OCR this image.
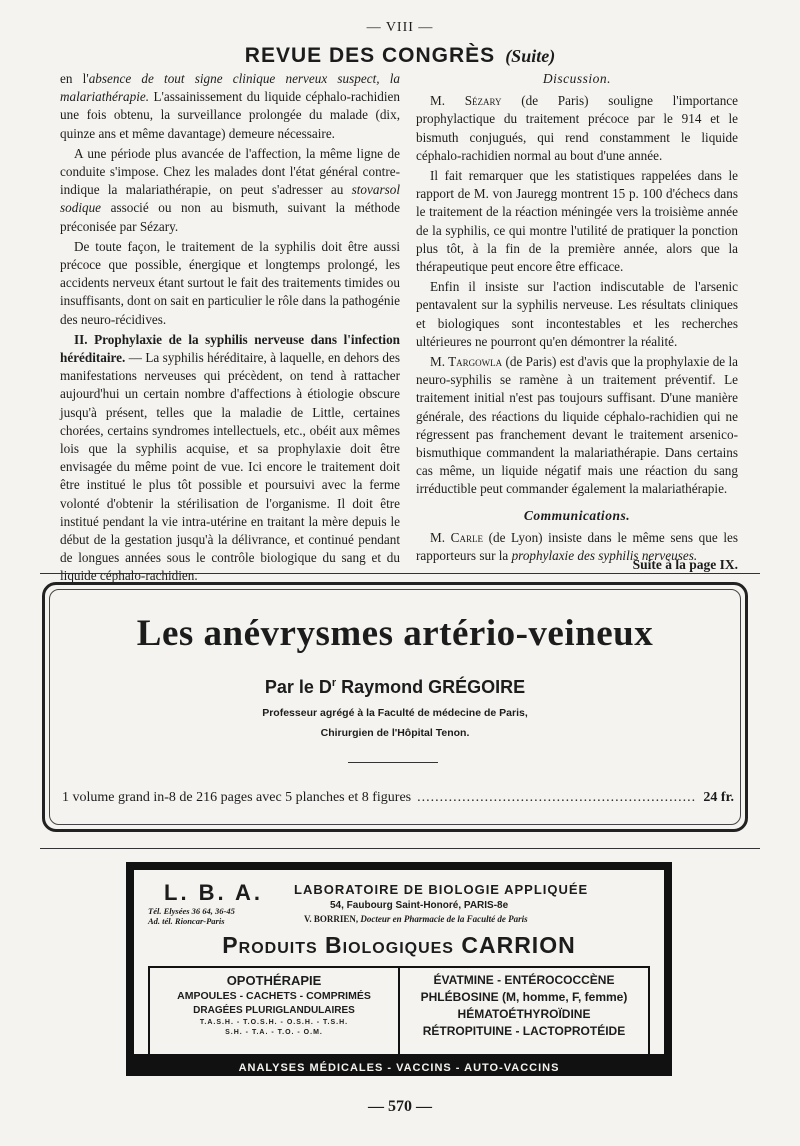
— VIII —
REVUE DES CONGRÈS (Suite)

en l'absence de tout signe clinique nerveux suspect, la malariathérapie. L'assainissement du liquide céphalo-rachidien une fois obtenu, la surveillance prolongée du malade (dix, quinze ans et même davantage) demeure nécessaire.

A une période plus avancée de l'affection, la même ligne de conduite s'impose. Chez les malades dont l'état général contre-indique la malariathérapie, on peut s'adresser au stovarsol sodique associé ou non au bismuth, suivant la méthode préconisée par Sézary.

De toute façon, le traitement de la syphilis doit être aussi précoce que possible, énergique et longtemps prolongé, les accidents nerveux étant surtout le fait des traitements timides ou insuffisants, dont on sait en particulier le rôle dans la pathogénie des neuro-récidives.

II. Prophylaxie de la syphilis nerveuse dans l'infection héréditaire. — La syphilis héréditaire, à laquelle, en dehors des manifestations nerveuses qui précèdent, on tend à rattacher aujourd'hui un certain nombre d'affections à étiologie obscure jusqu'à présent, telles que la maladie de Little, certaines chorées, certains syndromes intellectuels, etc., obéit aux mêmes lois que la syphilis acquise, et sa prophylaxie doit être envisagée du même point de vue. Ici encore le traitement doit être institué le plus tôt possible et poursuivi avec la ferme volonté d'obtenir la stérilisation de l'organisme. Il doit être institué pendant la vie intra-utérine en traitant la mère depuis le début de la gestation jusqu'à la délivrance, et continué pendant de longues années sous le contrôle biologique du sang et du liquide céphalo-rachidien.

Discussion.

M. Sézary (de Paris) souligne l'importance prophylactique du traitement précoce par le 914 et le bismuth conjugués, qui rend constamment le liquide céphalo-rachidien normal au bout d'une année.

Il fait remarquer que les statistiques rappelées dans le rapport de M. von Jauregg montrent 15 p. 100 d'échecs dans le traitement de la réaction méningée vers la troisième année de la syphilis, ce qui montre l'utilité de pratiquer la ponction plus tôt, à la fin de la première année, alors que la thérapeutique peut encore être efficace.

Enfin il insiste sur l'action indiscutable de l'arsenic pentavalent sur la syphilis nerveuse. Les résultats cliniques et biologiques sont incontestables et les recherches ultérieures ne pourront qu'en démontrer la réalité.

M. Targowla (de Paris) est d'avis que la prophylaxie de la neuro-syphilis se ramène à un traitement préventif. Le traitement initial n'est pas toujours suffisant. D'une manière générale, des réactions du liquide céphalo-rachidien qui ne régressent pas franchement devant le traitement arsenico-bismuthique commandent la malariathérapie. Dans certains cas même, un liquide négatif mais une réaction du sang irréductible peut commander également la malariathérapie.

Communications.

M. Carle (de Lyon) insiste dans le même sens que les rapporteurs sur la prophylaxie des syphilis nerveuses.

Suite à la page IX.
Les anévrysmes artério-veineux
Par le $D^r$ Raymond GRÉGOIRE
Professeur agrégé à la Faculté de médecine de Paris,
Chirurgien de l'Hôpital Tenon.
1 volume grand in-8 de 216 pages avec 5 planches et 8 figures
.....	24 fr.
L. B. A.
Tél. Elysées 36 64, 36-45
Ad. tél. Rioncar-Paris
LABORATOIRE DE BIOLOGIE APPLIQUÉE
54, Faubourg Saint-Honoré, PARIS-8e
V. BORRIEN, Docteur en Pharmacie de la Faculté de Paris
Produits Biologiques CARRION
OPOTHÉRAPIE
AMPOULES - CACHETS - COMPRIMÉS
DRAGÉES PLURIGLANDULAIRES
T.A.S.H. - T.O.S.H. - O.S.H. - T.S.H.
S.H. - T.A. - T.O. - O.M.
ÉVATMINE - ENTÉROCOCCÈNE
PHLÉBOSINE (M, homme, F, femme)
HÉMATOÉTHYROÏDINE
RÉTROPITUINE - LACTOPROTÉIDE
ANALYSES MÉDICALES - VACCINS - AUTO-VACCINS
— 570 —
